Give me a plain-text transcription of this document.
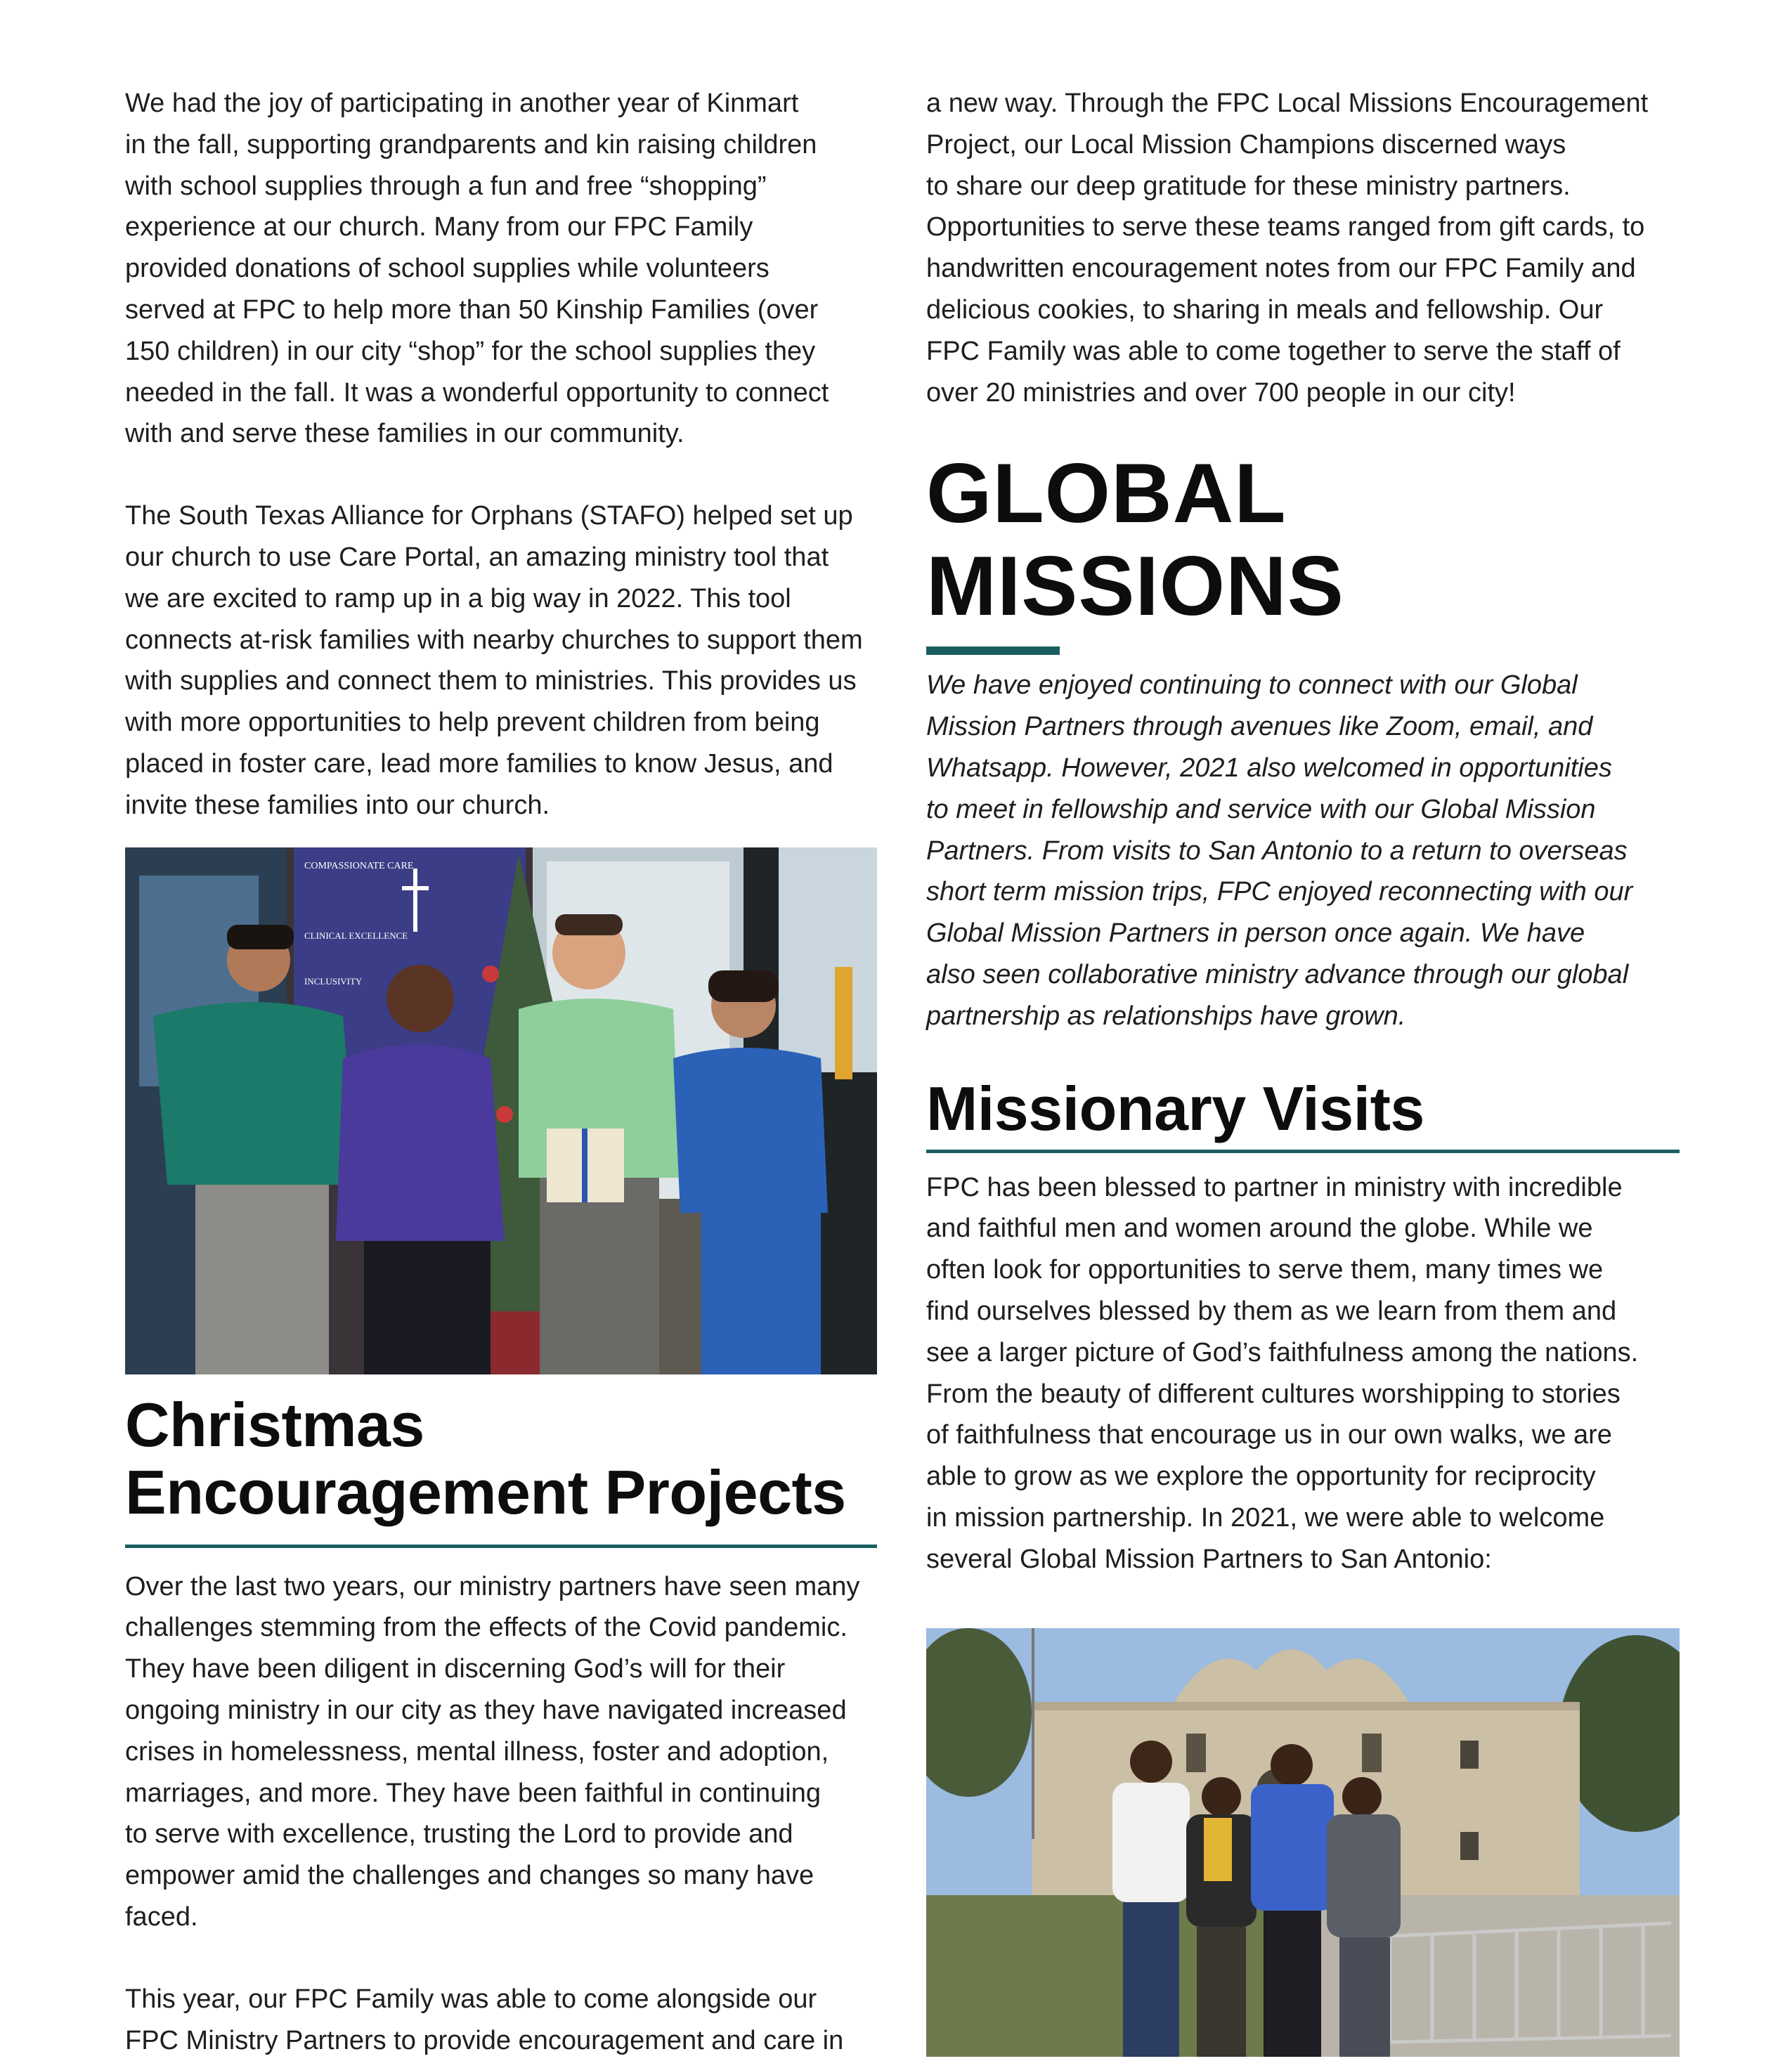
We had the joy of participating in another year of Kinmart
in the fall, supporting grandparents and kin raising children
with school supplies through a fun and free “shopping”
experience at our church. Many from our FPC Family
provided donations of school supplies while volunteers
served at FPC to help more than 50 Kinship Families (over
150 children) in our city “shop” for the school supplies they
needed in the fall. It was a wonderful opportunity to connect
with and serve these families in our community.

The South Texas Alliance for Orphans (STAFO) helped set up
our church to use Care Portal, an amazing ministry tool that
we are excited to ramp up in a big way in 2022. This tool
connects at-risk families with nearby churches to support them
with supplies and connect them to ministries. This provides us
with more opportunities to help prevent children from being
placed in foster care, lead more families to know Jesus, and
invite these families into our church.

COMPASSIONATE CARE
CLINICAL EXCELLENCE
INCLUSIVITY
Christmas
Encouragement Projects

Over the last two years, our ministry partners have seen many
challenges stemming from the effects of the Covid pandemic.
They have been diligent in discerning God’s will for their
ongoing ministry in our city as they have navigated increased
crises in homelessness, mental illness, foster and adoption,
marriages, and more. They have been faithful in continuing
to serve with excellence, trusting the Lord to provide and
empower amid the challenges and changes so many have
faced.

This year, our FPC Family was able to come alongside our
FPC Ministry Partners to provide encouragement and care in

a new way. Through the FPC Local Missions Encouragement
Project, our Local Mission Champions discerned ways
to share our deep gratitude for these ministry partners.
Opportunities to serve these teams ranged from gift cards, to
handwritten encouragement notes from our FPC Family and
delicious cookies, to sharing in meals and fellowship. Our
FPC Family was able to come together to serve the staff of
over 20 ministries and over 700 people in our city!

GLOBAL
MISSIONS

We have enjoyed continuing to connect with our Global
Mission Partners through avenues like Zoom, email, and
Whatsapp. However, 2021 also welcomed in opportunities
to meet in fellowship and service with our Global Mission
Partners. From visits to San Antonio to a return to overseas
short term mission trips, FPC enjoyed reconnecting with our
Global Mission Partners in person once again. We have
also seen collaborative ministry advance through our global
partnership as relationships have grown.

Missionary Visits

FPC has been blessed to partner in ministry with incredible
and faithful men and women around the globe. While we
often look for opportunities to serve them, many times we
find ourselves blessed by them as we learn from them and
see a larger picture of God’s faithfulness among the nations.
From the beauty of different cultures worshipping to stories
of faithfulness that encourage us in our own walks, we are
able to grow as we explore the opportunity for reciprocity
in mission partnership. In 2021, we were able to welcome
several Global Mission Partners to San Antonio:
